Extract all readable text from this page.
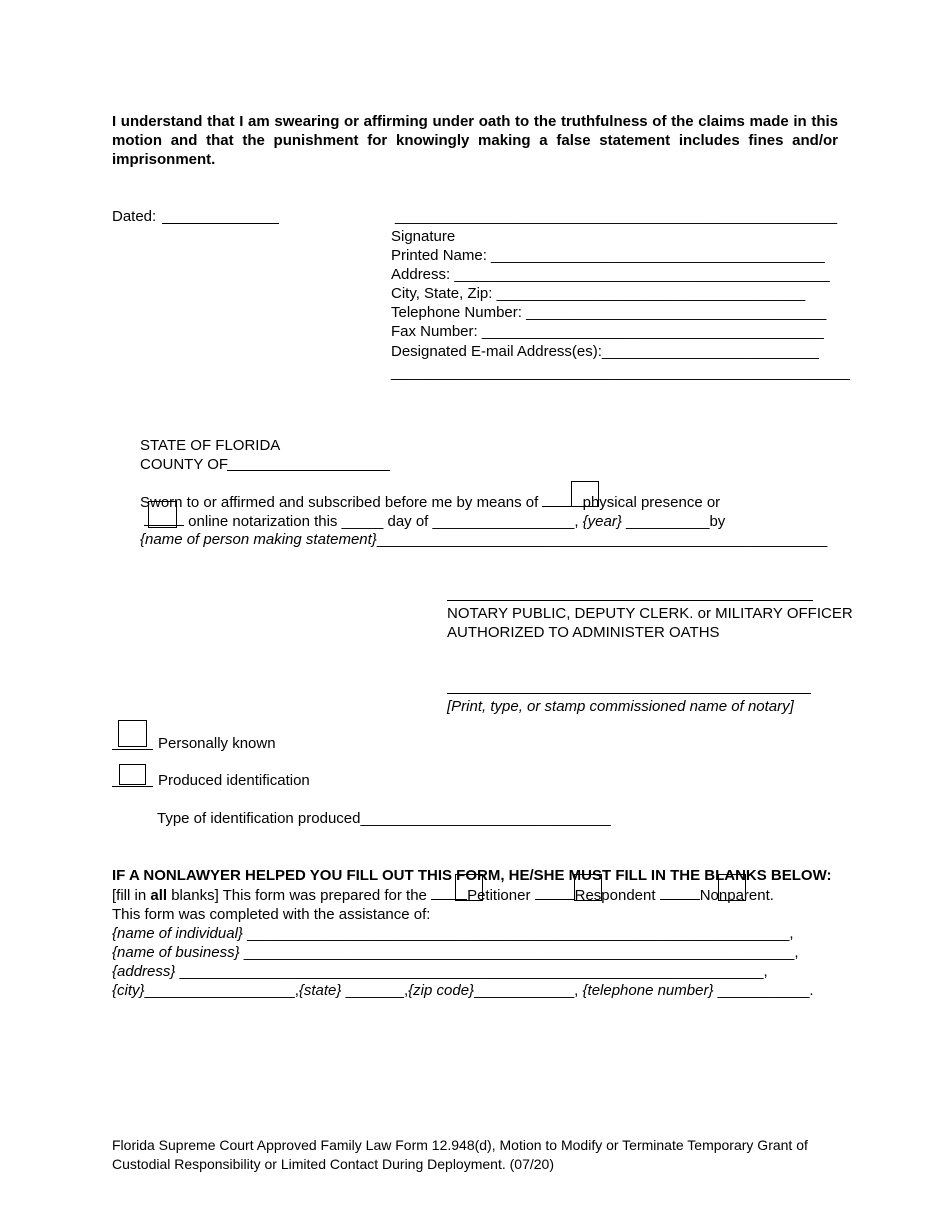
I understand that I am swearing or affirming under oath to the truthfulness of the claims made in this motion and that the punishment for knowingly making a false statement includes fines and/or imprisonment.
Dated:	_____________________________________________________
Signature
Printed Name: ________________________________________
Address: _____________________________________________
City, State, Zip: _____________________________________
Telephone Number: ____________________________________
Fax Number: _________________________________________
Designated E-mail Address(es):__________________________
_______________________________________________________
STATE OF FLORIDA
COUNTY OF
Sworn to or affirmed and subscribed before me by means of	physical presence or
online notarization this _____ day of _________________, {year} __________by
{name of person making statement}______________________________________________________
NOTARY PUBLIC, DEPUTY CLERK. or MILITARY OFFICER
AUTHORIZED TO ADMINISTER OATHS
[Print, type, or stamp commissioned name of notary]
Personally known
Produced identification
Type of identification produced______________________________
IF A NONLAWYER HELPED YOU FILL OUT THIS FORM, HE/SHE MUST FILL IN THE BLANKS BELOW:
[fill in all blanks] This form was prepared for the	Petitioner	Respondent	Nonparent.
This form was completed with the assistance of:
{name of individual} _________________________________________________________________,
{name of business} __________________________________________________________________,
{address} ______________________________________________________________________,
{city}__________________,{state} _______,{zip code}____________, {telephone number} ___________.
Florida Supreme Court Approved Family Law Form 12.948(d), Motion to Modify or Terminate Temporary Grant of Custodial Responsibility or Limited Contact During Deployment. (07/20)
